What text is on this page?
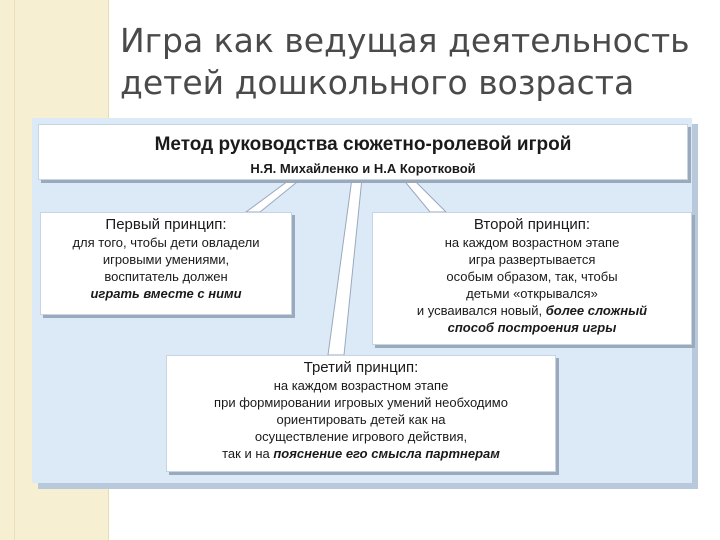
Игра как ведущая деятельность
детей дошкольного возраста
Метод руководства сюжетно-ролевой игрой
Н.Я. Михайленко и Н.А Коротковой
Первый принцип:
для того, чтобы дети овладели
игровыми умениями,
воспитатель должен
играть вместе с ними
Второй принцип:
на каждом возрастном этапе
игра развертывается
особым образом, так, чтобы
детьми «открывался»
и усваивался новый, более сложный
способ построения игры
Третий принцип:
на каждом возрастном этапе
при формировании игровых умений необходимо
ориентировать детей как на
осуществление игрового действия,
так и на пояснение его смысла партнерам
